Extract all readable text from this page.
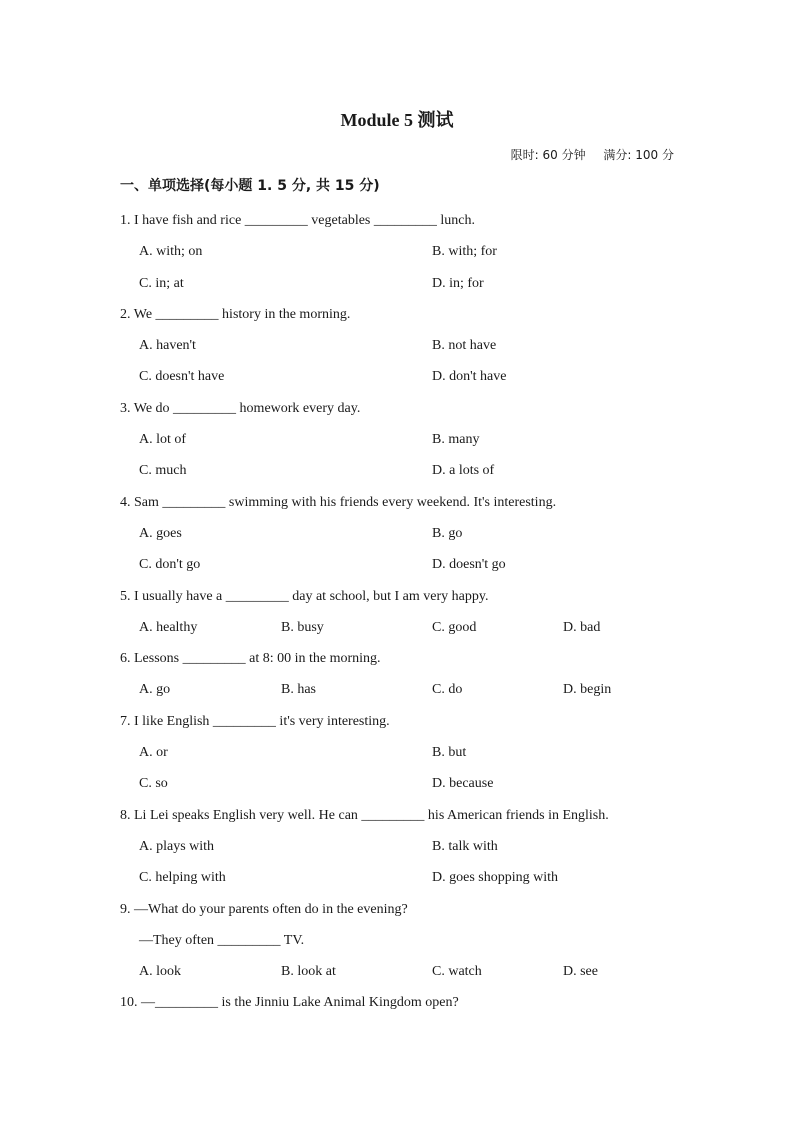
Module 5 测试
限时: 60 分钟 满分: 100 分
一、单项选择(每小题 1. 5 分, 共 15 分)
1. I have fish and rice _________ vegetables _________ lunch.
A. with; on	B. with; for
C. in; at	D. in; for
2. We _________ history in the morning.
A. haven't	B. not have
C. doesn't have	D. don't have
3. We do _________ homework every day.
A. lot of	B. many
C. much	D. a lots of
4. Sam _________ swimming with his friends every weekend. It's interesting.
A. goes	B. go
C. don't go	D. doesn't go
5. I usually have a _________ day at school, but I am very happy.
A. healthy	B. busy	C. good	D. bad
6. Lessons _________ at 8: 00 in the morning.
A. go	B. has	C. do	D. begin
7. I like English _________ it's very interesting.
A. or	B. but
C. so	D. because
8. Li Lei speaks English very well. He can _________ his American friends in English.
A. plays with	B. talk with
C. helping with	D. goes shopping with
9. —What do your parents often do in the evening?
—They often _________ TV.
A. look	B. look at	C. watch	D. see
10. —_________ is the Jinniu Lake Animal Kingdom open?
